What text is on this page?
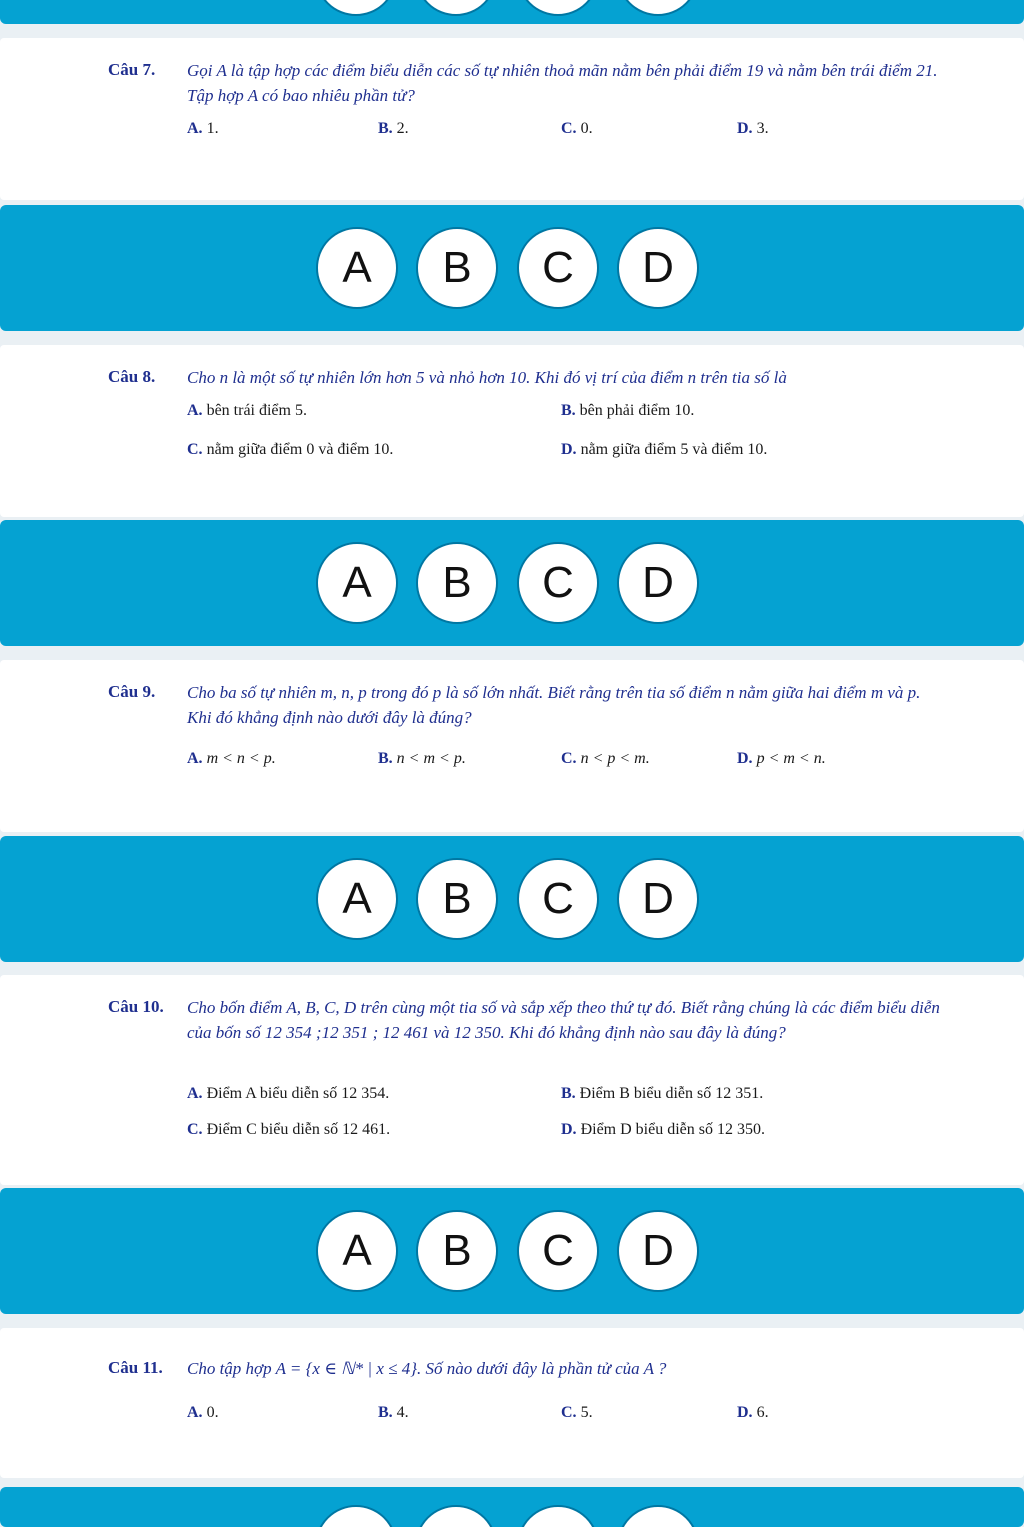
Câu 7. Gọi A là tập hợp các điểm biểu diễn các số tự nhiên thoả mãn nằm bên phải điểm 19 và nằm bên trái điểm 21. Tập hợp A có bao nhiêu phần tử?
A. 1.	B. 2.	C. 0.	D. 3.
A	B	C	D
Câu 8. Cho n là một số tự nhiên lớn hơn 5 và nhỏ hơn 10. Khi đó vị trí của điểm n trên tia số là
A. bên trái điểm 5.	B. bên phải điểm 10.
C. nằm giữa điểm 0 và điểm 10.	D. nằm giữa điểm 5 và điểm 10.
A	B	C	D
Câu 9. Cho ba số tự nhiên m, n, p trong đó p là số lớn nhất. Biết rằng trên tia số điểm n nằm giữa hai điểm m và p. Khi đó khẳng định nào dưới đây là đúng?
A. m < n < p.	B. n < m < p.	C. n < p < m.	D. p < m < n.
A	B	C	D
Câu 10. Cho bốn điểm A, B, C, D trên cùng một tia số và sắp xếp theo thứ tự đó. Biết rằng chúng là các điểm biểu diễn của bốn số 12 354 ;12 351 ; 12 461 và 12 350. Khi đó khẳng định nào sau đây là đúng?
A. Điểm A biểu diễn số 12 354.	B. Điểm B biểu diễn số 12 351.
C. Điểm C biểu diễn số 12 461.	D. Điểm D biểu diễn số 12 350.
A	B	C	D
Câu 11. Cho tập hợp A = {x ∈ ℕ* | x ≤ 4}. Số nào dưới đây là phần tử của A ?
A. 0.	B. 4.	C. 5.	D. 6.
